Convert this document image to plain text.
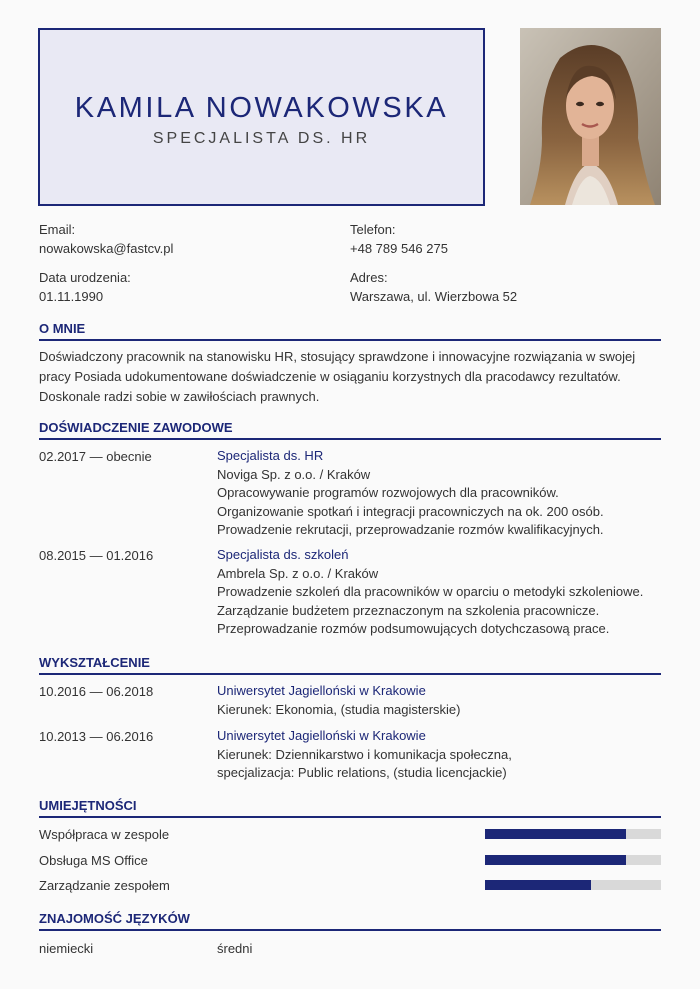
KAMILA NOWAKOWSKA
SPECJALISTA DS. HR
Email:
nowakowska@fastcv.pl
Telefon:
+48 789 546 275
Data urodzenia:
01.11.1990
Adres:
Warszawa, ul. Wierzbowa 52
O MNIE
Doświadczony pracownik na stanowisku HR, stosujący sprawdzone i innowacyjne rozwiązania w swojej pracy Posiada udokumentowane doświadczenie w osiąganiu korzystnych dla pracodawcy rezultatów. Doskonale radzi sobie w zawiłościach prawnych.
DOŚWIADCZENIE ZAWODOWE
02.2017 — obecnie	Specjalista ds. HR
Noviga Sp. z o.o. / Kraków
Opracowywanie programów rozwojowych dla pracowników.
Organizowanie spotkań i integracji pracowniczych na ok. 200 osób.
Prowadzenie rekrutacji, przeprowadzanie rozmów kwalifikacyjnych.
08.2015 — 01.2016	Specjalista ds. szkoleń
Ambrela Sp. z o.o. / Kraków
Prowadzenie szkoleń dla pracowników w oparciu o metodyki szkoleniowe.
Zarządzanie budżetem przeznaczonym na szkolenia pracownicze.
Przeprowadzanie rozmów podsumowujących dotychczasową prace.
WYKSZTAŁCENIE
10.2016 — 06.2018	Uniwersytet Jagielloński w Krakowie
Kierunek: Ekonomia, (studia magisterskie)
10.2013 — 06.2016	Uniwersytet Jagielloński w Krakowie
Kierunek: Dziennikarstwo i komunikacja społeczna,
specjalizacja: Public relations, (studia licencjackie)
UMIEJĘTNOŚCI
Współpraca w zespole
Obsługa MS Office
Zarządzanie zespołem
ZNAJOMOŚĆ JĘZYKÓW
niemiecki	średni
